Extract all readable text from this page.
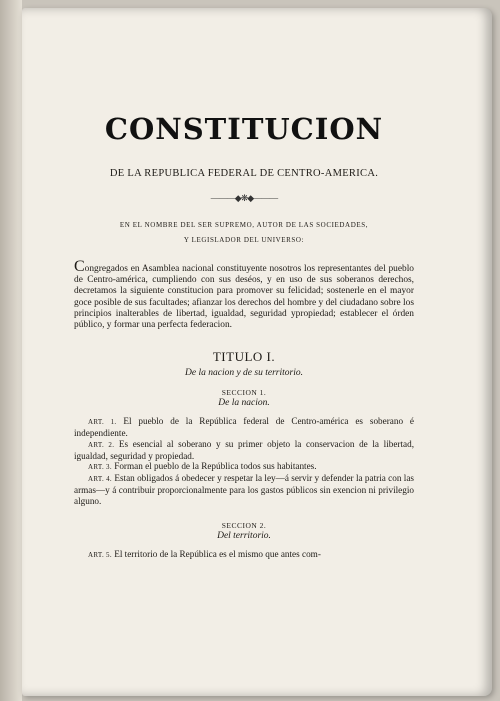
CONSTITUCION
DE LA REPUBLICA FEDERAL DE CENTRO-AMERICA.
———◆❋◆———
EN EL NOMBRE DEL SER SUPREMO, AUTOR DE LAS SOCIEDADES,
Y LEGISLADOR DEL UNIVERSO:

Congregados en Asamblea nacional constituyente nosotros los representantes del pueblo de Centro-américa, cumpliendo con sus deséos, y en uso de sus soberanos derechos, decretamos la siguiente constitucion para promover su felicidad; sostenerle en el mayor goce posible de sus facultades; afianzar los derechos del hombre y del ciudadano sobre los principios inalterables de libertad, igualdad, seguridad ypropiedad; establecer el órden público, y formar una perfecta federacion.

TITULO I.
De la nacion y de su territorio.
SECCION 1.
De la nacion.

ART. 1. El pueblo de la República federal de Centro-américa es soberano é independiente.

ART. 2. Es esencial al soberano y su primer objeto la conservacion de la libertad, igualdad, seguridad y propiedad.

ART. 3. Forman el pueblo de la República todos sus habitantes.

ART. 4. Estan obligados á obedecer y respetar la ley—á servir y defender la patria con las armas—y á contribuir proporcionalmente para los gastos públicos sin exencion ni privilegio alguno.

SECCION 2.
Del territorio.

ART. 5. El territorio de la República es el mismo que antes com-
